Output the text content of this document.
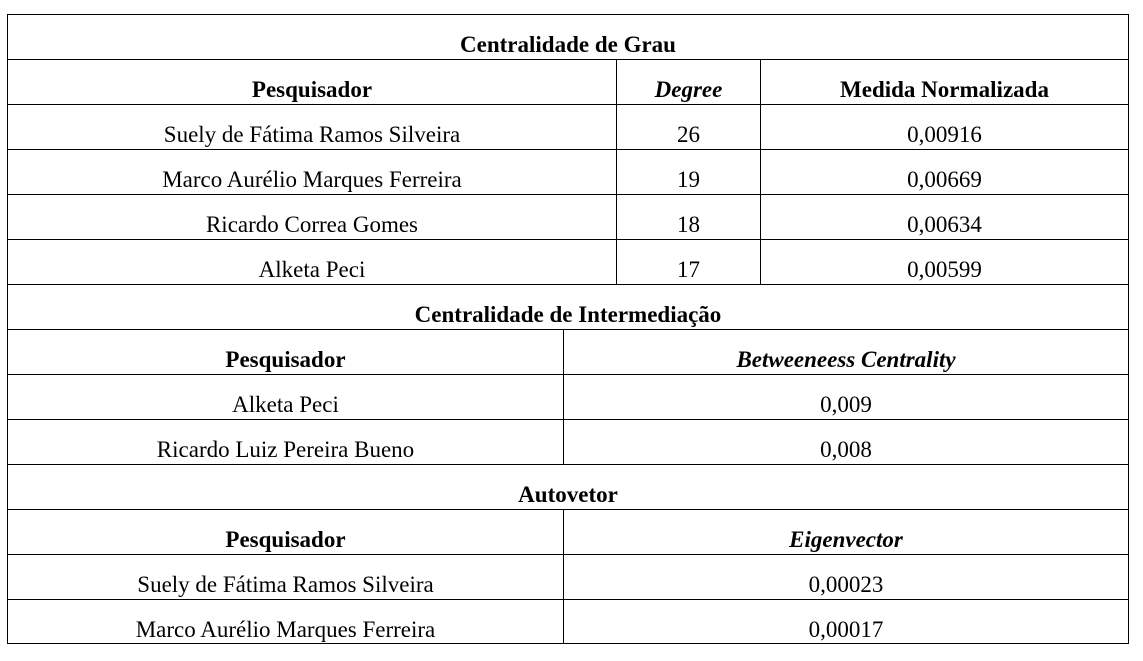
Centralidade de Grau
Pesquisador	Degree	Medida Normalizada
Suely de Fátima Ramos Silveira	26	0,00916
Marco Aurélio Marques Ferreira	19	0,00669
Ricardo Correa Gomes	18	0,00634
Alketa Peci	17	0,00599
Centralidade de Intermediação
Pesquisador	Betweeneess Centrality
Alketa Peci	0,009
Ricardo Luiz Pereira Bueno	0,008
Autovetor
Pesquisador	Eigenvector
Suely de Fátima Ramos Silveira	0,00023
Marco Aurélio Marques Ferreira	0,00017
